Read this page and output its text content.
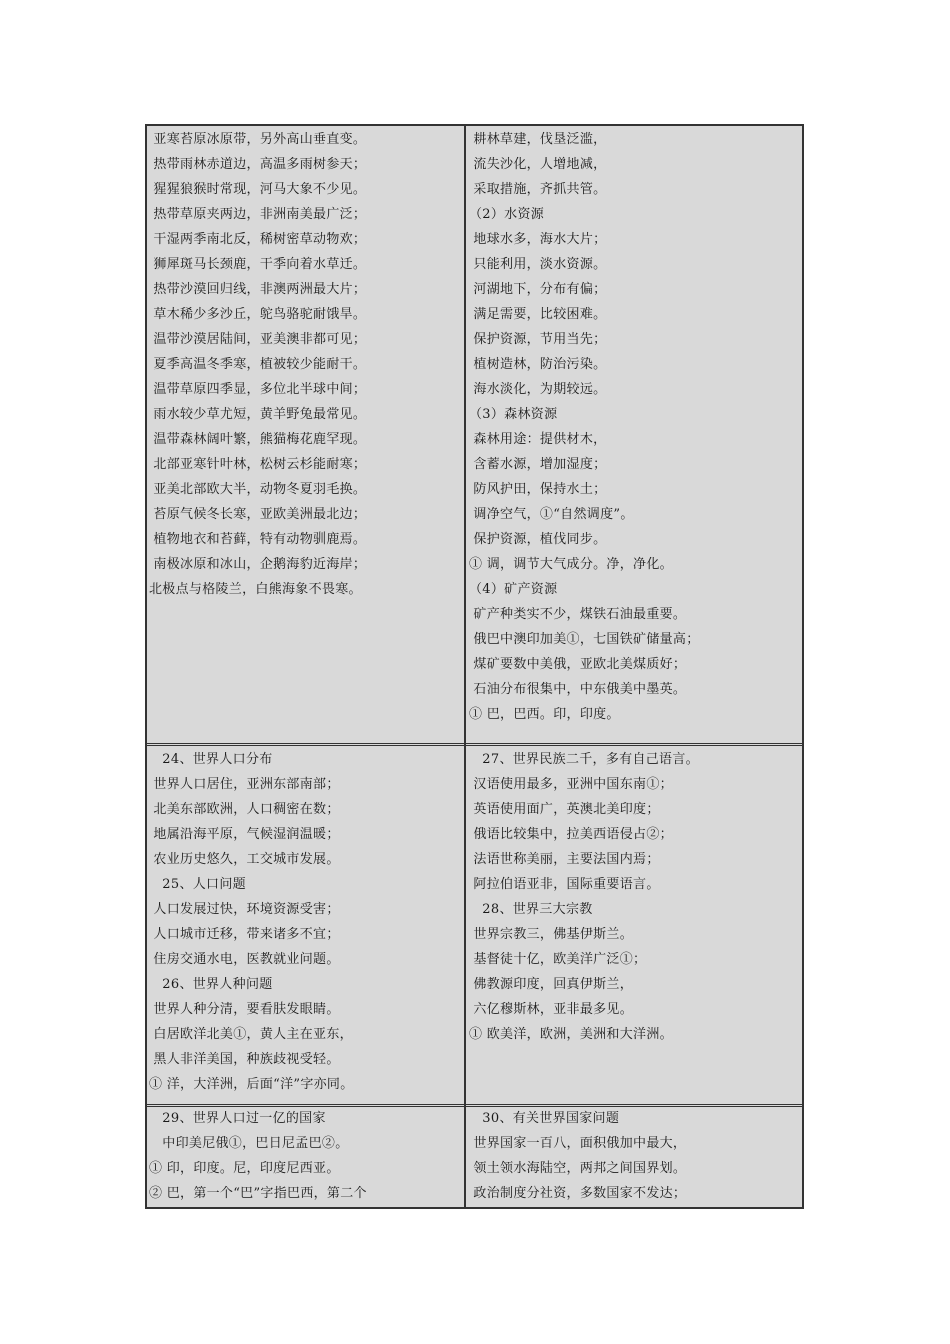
亚寒苔原冰原带，另外高山垂直变。
热带雨林赤道边，高温多雨树参天；
猩猩狼猴时常现，河马大象不少见。
热带草原夹两边，非洲南美最广泛；
干湿两季南北反，稀树密草动物欢；
狮犀斑马长颈鹿，干季向着水草迁。
热带沙漠回归线，非澳两洲最大片；
草木稀少多沙丘，鸵鸟骆驼耐饿旱。
温带沙漠居陆间，亚美澳非都可见；
夏季高温冬季寒，植被较少能耐干。
温带草原四季显，多位北半球中间；
雨水较少草尤短，黄羊野兔最常见。
温带森林阔叶繁，熊猫梅花鹿罕现。
北部亚寒针叶林，松树云杉能耐寒；
亚美北部欧大半，动物冬夏羽毛换。
苔原气候冬长寒，亚欧美洲最北边；
植物地衣和苔藓，特有动物驯鹿焉。
南极冰原和冰山，企鹅海豹近海岸；
北极点与格陵兰，白熊海象不畏寒。
耕林草建，伐垦泛滥，
流失沙化，人增地减，
采取措施，齐抓共管。
（2）水资源
地球水多，海水大片；
只能利用，淡水资源。
河湖地下，分布有偏；
满足需要，比较困难。
保护资源，节用当先；
植树造林，防治污染。
海水淡化，为期较远。
（3）森林资源
森林用途：提供材木，
含蓄水源，增加湿度；
防风护田，保持水土；
调净空气，①“自然调度”。
保护资源，植伐同步。
① 调，调节大气成分。净，净化。
（4）矿产资源
矿产种类实不少，煤铁石油最重要。
俄巴中澳印加美①，七国铁矿储量高；
煤矿要数中美俄，亚欧北美煤质好；
石油分布很集中，中东俄美中墨英。
① 巴，巴西。印，印度。
24、世界人口分布
世界人口居住，亚洲东部南部；
北美东部欧洲，人口稠密在数；
地属沿海平原，气候湿润温暖；
农业历史悠久，工交城市发展。
25、人口问题
人口发展过快，环境资源受害；
人口城市迁移，带来诸多不宜；
住房交通水电，医教就业问题。
26、世界人种问题
世界人种分清，要看肤发眼睛。
白居欧洋北美①，黄人主在亚东，
黑人非洋美国，种族歧视受轻。
① 洋，大洋洲，后面“洋”字亦同。
27、世界民族二千，多有自己语言。
汉语使用最多，亚洲中国东南①；
英语使用面广，英澳北美印度；
俄语比较集中，拉美西语侵占②；
法语世称美丽，主要法国内焉；
阿拉伯语亚非，国际重要语言。
28、世界三大宗教
世界宗教三，佛基伊斯兰。
基督徒十亿，欧美洋广泛①；
佛教源印度，回真伊斯兰，
六亿穆斯林，亚非最多见。
① 欧美洋，欧洲，美洲和大洋洲。
29、世界人口过一亿的国家
中印美尼俄①，巴日尼孟巴②。
① 印，印度。尼，印度尼西亚。
② 巴，第一个“巴”字指巴西，第二个
30、有关世界国家问题
世界国家一百八，面积俄加中最大，
领土领水海陆空，两邦之间国界划。
政治制度分社资，多数国家不发达；
